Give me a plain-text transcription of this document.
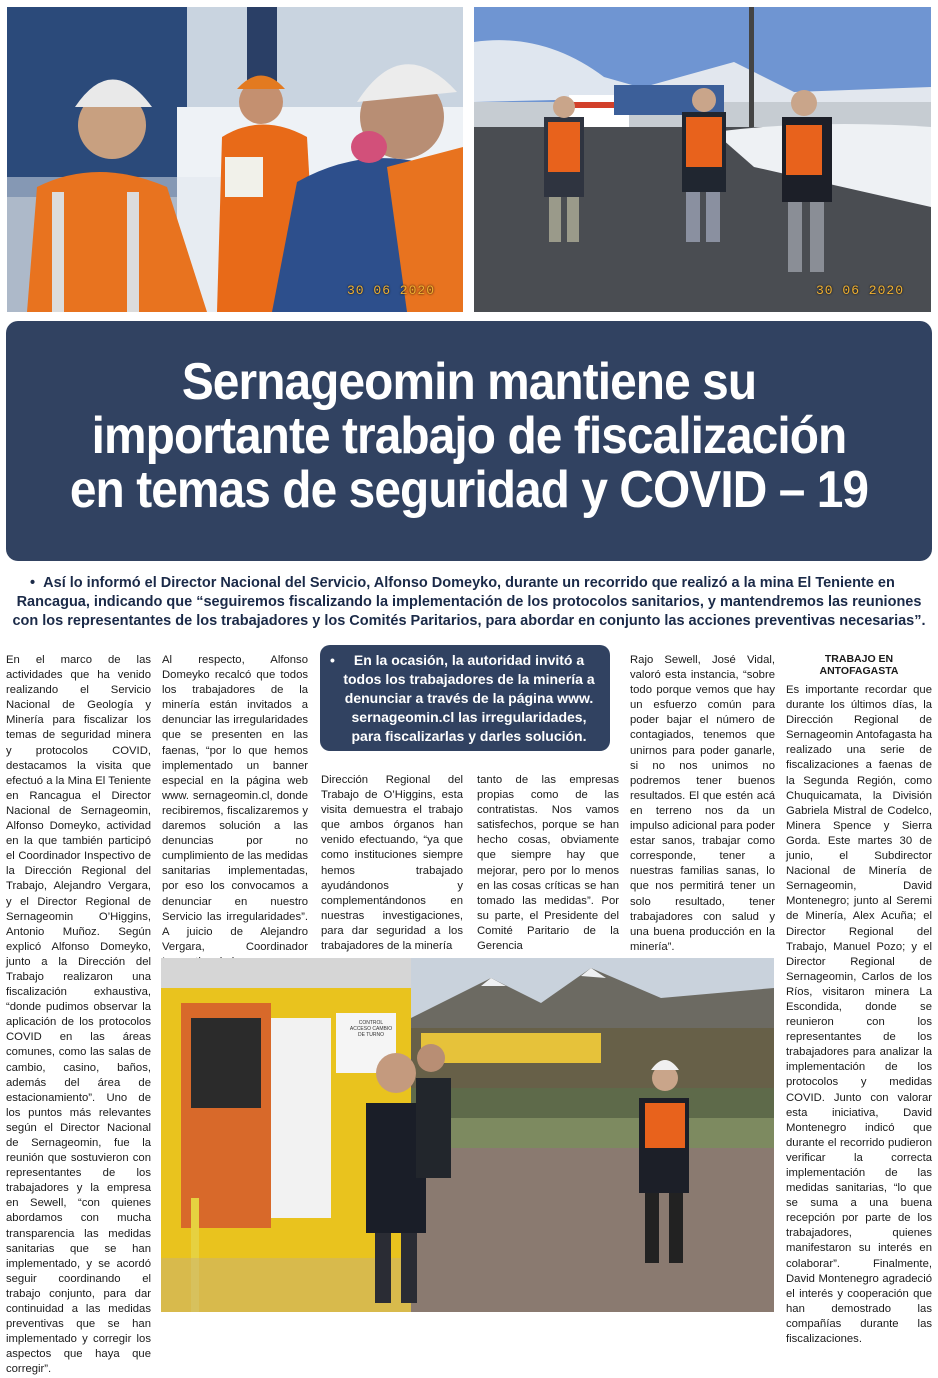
30 06 2020	30 06 2020
Sernageomin mantiene su
importante trabajo de fiscalización
en temas de seguridad y COVID – 19
• Así lo informó el Director Nacional del Servicio, Alfonso Domeyko, durante un recorrido que realizó a la mina El Teniente en Rancagua, indicando que “seguiremos fiscalizando la implementación de los protocolos sanitarios, y mantendremos las reuniones con los representantes de los trabajadores y los Comités Paritarios, para abordar en conjunto las acciones preventivas necesarias”.

En el marco de las actividades que ha venido realizando el Servicio Nacional de Geología y Minería para fiscalizar los temas de seguridad minera y protocolos COVID, destacamos la visita que efectuó a la Mina El Teniente en Rancagua el Director Nacional de Sernageomin, Alfonso Domeyko, actividad en la que también participó el Coordinador Inspectivo de la Dirección Regional del Trabajo, Alejandro Vergara, y el Director Regional de Sernageomin O’Higgins, Antonio Muñoz. Según explicó Alfonso Domeyko, junto a la Dirección del Trabajo realizaron una fiscalización exhaustiva, “donde pudimos observar la aplicación de los protocolos COVID en las áreas comunes, como las salas de cambio, casino, baños, además del área de estacionamiento”. Uno de los puntos más relevantes según el Director Nacional de Sernageomin, fue la reunión que sostuvieron con representantes de los trabajadores y la empresa en Sewell, “con quienes abordamos con mucha transparencia las medidas sanitarias que se han implementado, y se acordó seguir coordinando el trabajo conjunto, para dar continuidad a las medidas preventivas que se han implementado y corregir los aspectos que haya que corregir”.

Al respecto, Alfonso Domeyko recalcó que todos los trabajadores de la minería están invitados a denunciar las irregularidades que se presenten en las faenas, “por lo que hemos implementado un banner especial en la página web www. sernageomin.cl, donde recibiremos, fiscalizaremos y daremos solución a las denuncias por no cumplimiento de las medidas sanitarias implementadas, por eso los convocamos a denunciar en nuestro Servicio las irregularidades”. A juicio de Alejandro Vergara, Coordinador

•	En la ocasión, la autoridad invitó a todos los trabajadores de la minería a denunciar a través de la página www. sernageomin.cl las irregularidades, para fiscalizarlas y darles solución.

Dirección Regional del Trabajo de O’Higgins, esta visita demuestra el trabajo que ambos órganos han venido efectuando, “ya que como instituciones siempre hemos trabajado ayudándonos y complementándonos en nuestras investigaciones, para dar seguridad a los trabajadores de la minería

tanto de las empresas propias como de las contratistas. Nos vamos satisfechos, porque se han hecho cosas, obviamente que siempre hay que mejorar, pero por lo menos en las cosas críticas se han tomado las medidas”. Por su parte, el Presidente del Comité Paritario de la Gerencia

Rajo Sewell, José Vidal, valoró esta instancia, “sobre todo porque vemos que hay un esfuerzo común para poder bajar el número de contagiados, tenemos que unirnos para poder ganarle, si no nos unimos no podremos tener buenos resultados. El que estén acá en terreno nos da un impulso adicional para poder estar sanos, trabajar como corresponde, tener a nuestras familias sanas, lo que nos permitirá tener un solo resultado, tener trabajadores con salud y una buena producción en la minería”.

TRABAJO EN ANTOFAGASTA

Es importante recordar que durante los últimos días, la Dirección Regional de Sernageomin Antofagasta ha realizado una serie de fiscalizaciones a faenas de la Segunda Región, como Chuquicamata, la División Gabriela Mistral de Codelco, Minera Spence y Sierra Gorda. Este martes 30 de junio, el Subdirector Nacional de Minería de Sernageomin, David Montenegro; junto al Seremi de Minería, Alex Acuña; el Director Regional del Trabajo, Manuel Pozo; y el Director Regional de Sernageomin, Carlos de los Ríos, visitaron minera La Escondida, donde se reunieron con los representantes de los trabajadores para analizar la implementación de los protocolos y medidas COVID. Junto con valorar esta iniciativa, David Montenegro indicó que durante el recorrido pudieron verificar la correcta implementación de las medidas sanitarias, “lo que se suma a una buena recepción por parte de los trabajadores, quienes manifestaron su interés en colaborar”. Finalmente, David Montenegro agradeció el interés y cooperación que han demostrado las compañías durante las fiscalizaciones.

CONTROL ACCESO CAMBIO DE TURNO
